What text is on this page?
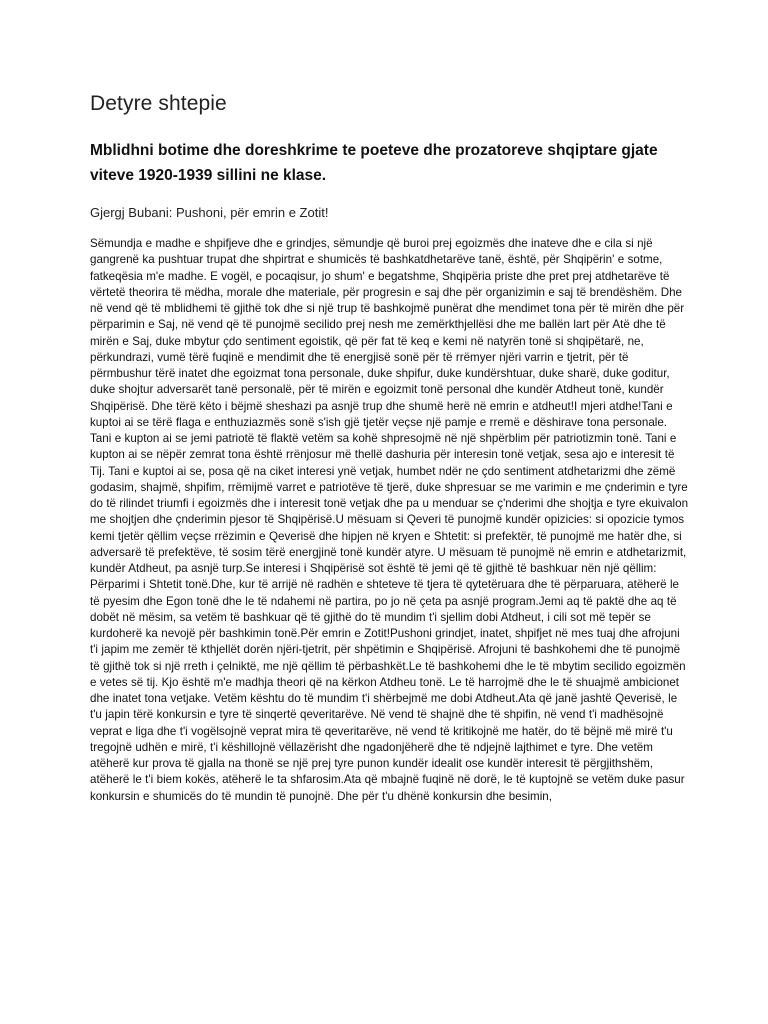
Detyre shtepie
Mblidhni botime dhe doreshkrime te poeteve dhe prozatoreve shqiptare gjate viteve 1920-1939 sillini ne klase.
Gjergj Bubani: Pushoni, për emrin e Zotit!

Sëmundja e madhe e shpifjeve dhe e grindjes, sëmundje që buroi prej egoizmës dhe inateve dhe e cila si një gangrenë ka pushtuar trupat dhe shpirtrat e shumicës të bashkatdhetarëve tanë, është, për Shqipërin' e sotme, fatkeqësia m'e madhe. E vogël, e pocaqisur, jo shum' e begatshme, Shqipëria priste dhe pret prej atdhetarëve të vërtetë theorira të mëdha, morale dhe materiale, për progresin e saj dhe për organizimin e saj të brendëshëm. Dhe në vend që të mblidhemi të gjithë tok dhe si një trup të bashkojmë punërat dhe mendimet tona për të mirën dhe për përparimin e Saj, në vend që të punojmë secilido prej nesh me zemërkthjellësi dhe me ballën lart për Atë dhe të mirën e Saj, duke mbytur çdo sentiment egoistik, që për fat të keq e kemi në natyrën tonë si shqipëtarë, ne, përkundrazi, vumë tërë fuqinë e mendimit dhe të energjisë sonë për të rrëmyer njëri varrin e tjetrit, për të përmbushur tërë inatet dhe egoizmat tona personale, duke shpifur, duke kundërshtuar, duke sharë, duke goditur, duke shojtur adversarët tanë personalë, për të mirën e egoizmit tonë personal dhe kundër Atdheut tonë, kundër Shqipërisë. Dhe tërë këto i bëjmë sheshazi pa asnjë trup dhe shumë herë në emrin e atdheut!I mjeri atdhe!Tani e kuptoi ai se tërë flaga e enthuziazmës sonë s'ish gjë tjetër veçse një pamje e rremë e dëshirave tona personale. Tani e kupton ai se jemi patriotë të flaktë vetëm sa kohë shpresojmë në një shpërblim për patriotizmin tonë. Tani e kupton ai se nëpër zemrat tona është rrënjosur më thellë dashuria për interesin tonë vetjak, sesa ajo e interesit të Tij. Tani e kuptoi ai se, posa që na ciket interesi ynë vetjak, humbet ndër ne çdo sentiment atdhetarizmi dhe zëmë godasim, shajmë, shpifim, rrëmijmë varret e patriotëve të tjerë, duke shpresuar se me varimin e me çnderimin e tyre do të rilindet triumfi i egoizmës dhe i interesit tonë vetjak dhe pa u menduar se ç'nderimi dhe shojtja e tyre ekuivalon me shojtjen dhe çnderimin pjesor të Shqipërisë.U mësuam si Qeveri të punojmë kundër opizicies: si opozicie tymos kemi tjetër qëllim veçse rrëzimin e Qeverisë dhe hipjen në kryen e Shtetit: si prefektër, të punojmë me hatër dhe, si adversarë të prefektëve, të sosim tërë energjinë tonë kundër atyre. U mësuam të punojmë në emrin e atdhetarizmit, kundër Atdheut, pa asnjë turp.Se interesi i Shqipërisë sot është të jemi që të gjithë të bashkuar nën një qëllim: Përparimi i Shtetit tonë.Dhe, kur të arrijë në radhën e shteteve të tjera të qytetëruara dhe të përparuara, atëherë le të pyesim dhe Egon tonë dhe le të ndahemi në partira, po jo në çeta pa asnjë program.Jemi aq të paktë dhe aq të dobët në mësim, sa vetëm të bashkuar që të gjithë do të mundim t'i sjellim dobi Atdheut, i cili sot më tepër se kurdoherë ka nevojë për bashkimin tonë.Për emrin e Zotit!Pushoni grindjet, inatet, shpifjet në mes tuaj dhe afrojuni t'i japim me zemër të kthjellët dorën njëri-tjetrit, për shpëtimin e Shqipërisë. Afrojuni të bashkohemi dhe të punojmë të gjithë tok si një rreth i çelniktë, me një qëllim të përbashkët.Le të bashkohemi dhe le të mbytim secilido egoizmën e vetes së tij. Kjo është m'e madhja theori që na kërkon Atdheu tonë. Le të harrojmë dhe le të shuajmë ambicionet dhe inatet tona vetjake. Vetëm kështu do të mundim t'i shërbejmë me dobi Atdheut.Ata që janë jashtë Qeverisë, le t'u japin tërë konkursin e tyre të sinqertë qeveritarëve. Në vend të shajnë dhe të shpifin, në vend t'i madhësojnë veprat e liga dhe t'i vogëlsojnë veprat mira të qeveritarëve, në vend të kritikojnë me hatër, do të bëjnë më mirë t'u tregojnë udhën e mirë, t'i këshillojnë vëllazërisht dhe ngadonjëherë dhe të ndjejnë lajthimet e tyre. Dhe vetëm atëherë kur prova të gjalla na thonë se një prej tyre punon kundër idealit ose kundër interesit të përgjithshëm, atëherë le t'i biem kokës, atëherë le ta shfarosim.Ata që mbajnë fuqinë në dorë, le të kuptojnë se vetëm duke pasur konkursin e shumicës do të mundin të punojnë. Dhe për t'u dhënë konkursin dhe besimin,
